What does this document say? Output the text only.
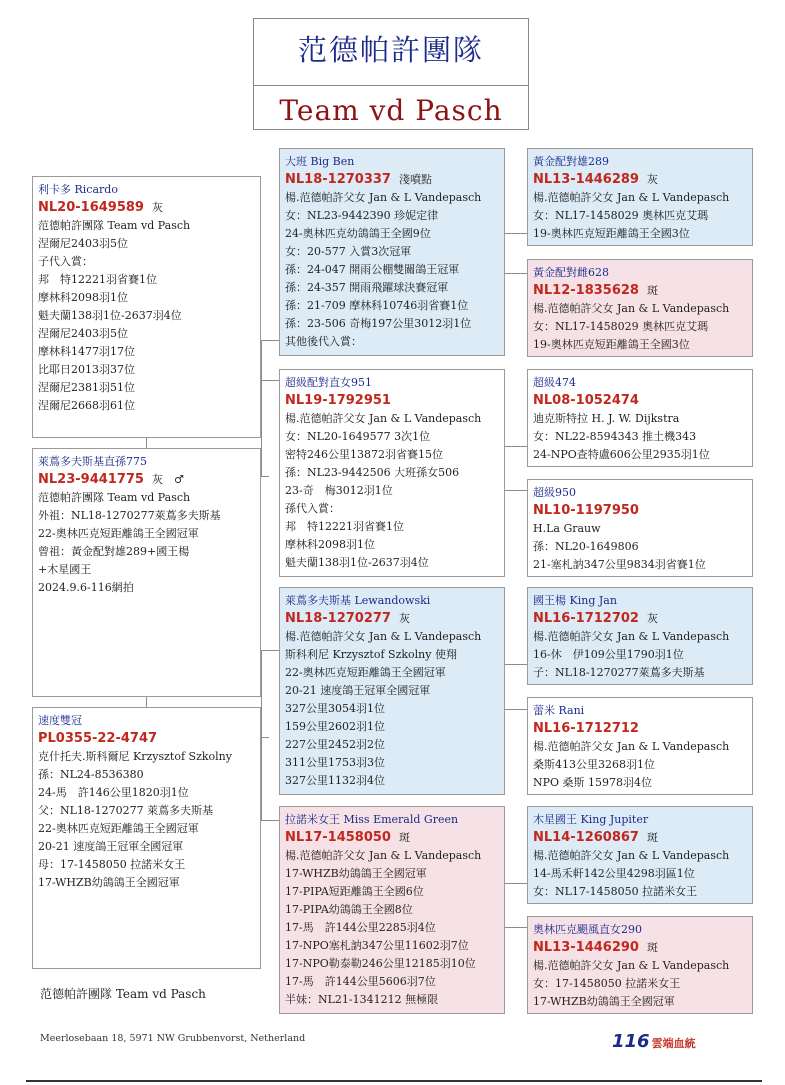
范德帕許團隊
Team vd Pasch
利卡多 Ricardo
NL20-1649589 灰
范德帕許團隊 Team vd Pasch
涅爾尼2403羽5位
子代入賞：
邦　特12221羽省賽1位
摩林科2098羽1位
魁夫蘭138羽1位-2637羽4位
涅爾尼2403羽5位
摩林科1477羽17位
比耶日2013羽37位
涅爾尼2381羽51位
涅爾尼2668羽61位
萊蔦多夫斯基直孫775
NL23-9441775 灰　♂
范德帕許團隊 Team vd Pasch
外祖：NL18-1270277萊蔦多夫斯基
22-奧林匹克短距離鴿王全國冠軍
曾祖：黃金配對雄289+國王楊
+木星國王
2024.9.6-116網拍
速度雙冠
PL0355-22-4747
克什托夫.斯科爾尼 Krzysztof Szkolny
孫：NL24-8536380
24-馬　許146公里1820羽1位
父：NL18-1270277 萊蔦多夫斯基
22-奧林匹克短距離鴿王全國冠軍
20-21 速度鴿王冠軍全國冠軍
母：17-1458050 拉諾米女王
17-WHZB幼鴿鴿王全國冠軍
大班 Big Ben
NL18-1270337 淺噴點
楊.范德帕許父女 Jan & L Vandepasch
女：NL23-9442390 珍妮定律
24-奧林匹克幼鴿鴿王全國9位
女：20-577 入賞3次冠軍
孫：24-047 開雨公棚雙關鴿王冠軍
孫：24-357 開雨飛躍球決賽冠軍
孫：21-709 摩林科10746羽省賽1位
孫：23-506 奇梅197公里3012羽1位
其他後代入賞：
超級配對直女951
NL19-1792951
楊.范德帕許父女 Jan & L Vandepasch
女：NL20-1649577 3次1位
密特246公里13872羽省賽15位
孫：NL23-9442506 大班孫女506
23-奇　梅3012羽1位
孫代入賞：
邦　特12221羽省賽1位
摩林科2098羽1位
魁夫蘭138羽1位-2637羽4位
萊蔦多夫斯基 Lewandowski
NL18-1270277 灰
楊.范德帕許父女 Jan & L Vandepasch
斯科利尼 Krzysztof Szkolny 使翔
22-奧林匹克短距離鴿王全國冠軍
20-21 速度鴿王冠軍全國冠軍
327公里3054羽1位
159公里2602羽1位
227公里2452羽2位
311公里1753羽3位
327公里1132羽4位
拉諾米女王 Miss Emerald Green
NL17-1458050 斑
楊.范德帕許父女 Jan & L Vandepasch
17-WHZB幼鴿鴿王全國冠軍
17-PIPA短距離鴿王全國6位
17-PIPA幼鴿鴿王全國8位
17-馬　許144公里2285羽4位
17-NPO塞札訥347公里11602羽7位
17-NPO勒泰勒246公里12185羽10位
17-馬　許144公里5606羽7位
半妹：NL21-1341212 無極限
黃金配對雄289
NL13-1446289 灰
楊.范德帕許父女 Jan & L Vandepasch
女：NL17-1458029 奧林匹克艾瑪
19-奧林匹克短距離鴿王全國3位
黃金配對雌628
NL12-1835628 斑
楊.范德帕許父女 Jan & L Vandepasch
女：NL17-1458029 奧林匹克艾瑪
19-奧林匹克短距離鴿王全國3位
超級474
NL08-1052474
迪克斯特拉 H. J. W. Dijkstra
女：NL22-8594343 推土機343
24-NPO查特盧606公里2935羽1位
超級950
NL10-1197950
H.La Grauw
孫：NL20-1649806
21-塞札訥347公里9834羽省賽1位
國王楊 King Jan
NL16-1712702 灰
楊.范德帕許父女 Jan & L Vandepasch
16-休　伊109公里1790羽1位
子：NL18-1270277萊蔦多夫斯基
蕾米 Rani
NL16-1712712
楊.范德帕許父女 Jan & L Vandepasch
桑斯413公里3268羽1位
NPO 桑斯 15978羽4位
木星國王 King Jupiter
NL14-1260867 斑
楊.范德帕許父女 Jan & L Vandepasch
14-馬禾軒142公里4298羽區1位
女：NL17-1458050 拉諾米女王
奧林匹克颶風直女290
NL13-1446290 斑
楊.范德帕許父女 Jan & L Vandepasch
女：17-1458050 拉諾米女王
17-WHZB幼鴿鴿王全國冠軍
范德帕許團隊 Team vd Pasch
Meerlosebaan 18, 5971 NW Grubbenvorst, Netherland	116 雲端血統
